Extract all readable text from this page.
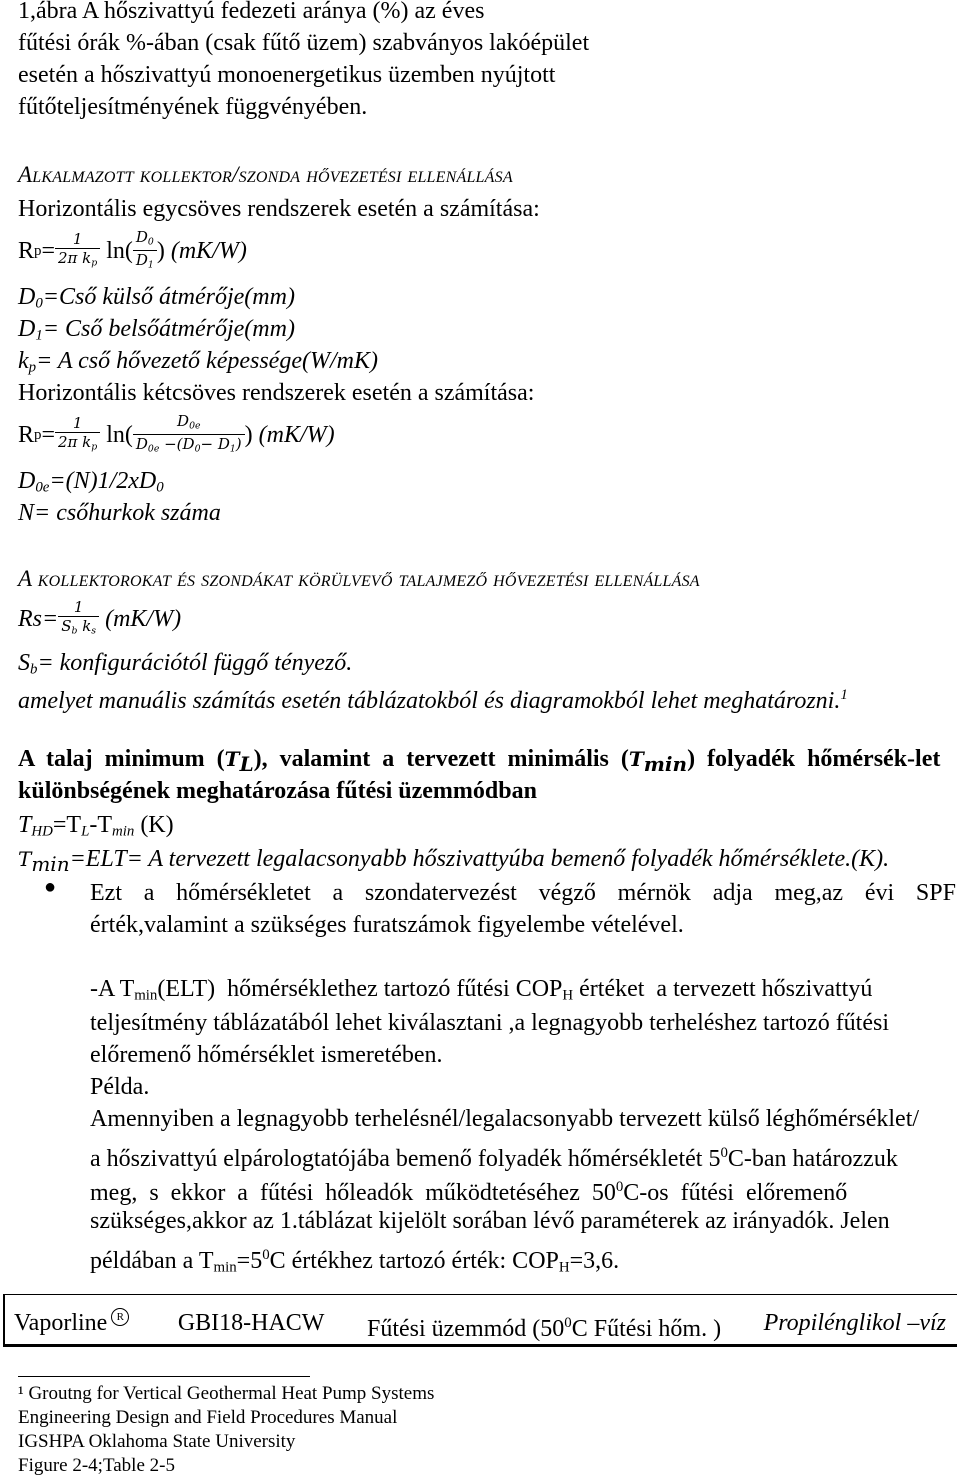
1,ábra A hőszivattyú fedezeti aránya (%) az éves
fűtési órák %-ában (csak fűtő üzem) szabványos lakóépület
esetén a hőszivattyú monoenergetikus üzemben nyújtott
fűtőteljesítményének függvényében.
Alkalmazott kollektor/szonda hővezetési ellenállása
Horizontális egycsöves rendszerek esetén a számítása:
R $p = \frac{1}{2\pi k_p} \ln( \frac{D_0}{D_1}$ ) (mK/W)
$D_0=Cső$ külső átmérője(mm)
$D_1=$ Cső belsőátmérője(mm)
$k_p= A$ cső hővezető képessége(W/mK)
Horizontális kétcsöves rendszerek esetén a számítása:
R $p = \frac{1}{2\pi k_p} \ln( \frac{D_{0e}}{D_{0e} -(D_0- D_1)}$ ) (mK/W)
$D_{0e}=(N)1/2xD_0$
N= csőhurkok száma
A kollektorokat és szondákat körülvevő talajmező hővezetési ellenállása
$Rs= \frac{1}{S_b k_s} (mK/W)$
$S_b=$ konfigurációtól függő tényező.
amelyet manuális számítás esetén táblázatokból és diagramokból lehet meghatározni.$^1$
A  talaj  minimum  $(T_L)$,  valamint  a  tervezett  minimális  $(T_{min})$  folyadék  hőmérsék-let
különbségének meghatározása fűtési üzemmódban
$T_{HD}=T_L-T_{min}$ (K)
$T_{min}=ELT= A$ tervezett legalacsonyabb hőszivattyúba bemenő folyadék hőmérséklete.(K).
● Ezt a hőmérsékletet a szondatervezést végző mérnök adja meg,az évi SPF
érték,valamint a szükséges furatszámok figyelembe vételével.
-A $T_{min}(ELT)$  hőmérséklethez tartozó fűtési $COP_H$ értéket  a tervezett hőszivattyú
teljesítmény táblázatából lehet kiválasztani ,a legnagyobb terheléshez tartozó fűtési
előremenő hőmérséklet ismeretében.
Példa.
Amennyiben a legnagyobb terhelésnél/legalacsonyabb tervezett külső léghőmérséklet/
a hőszivattyú elpárologtatójába bemenő folyadék hőmérsékletét $5^0C$-ban határozzuk
meg,  s  ekkor  a  fűtési  hőleadók  működtetéséhez  $50^0C-os$  fűtési  előremenő
szükséges,akkor az 1.táblázat kijelölt sorában lévő paraméterek az irányadók. Jelen
példában a $T_{min}=5^0C$ értékhez tartozó érték: $COP_H=3,6$.
Vaporline R	GBI18-HACW Fűtési üzemmód ($50^0C$ Fűtési hőm. ) Propilénglikol –víz
¹ Groutng for Vertical Geothermal Heat Pump Systems
Engineering Design and Field Procedures Manual
IGSHPA Oklahoma State University
Figure 2-4;Table 2-5
